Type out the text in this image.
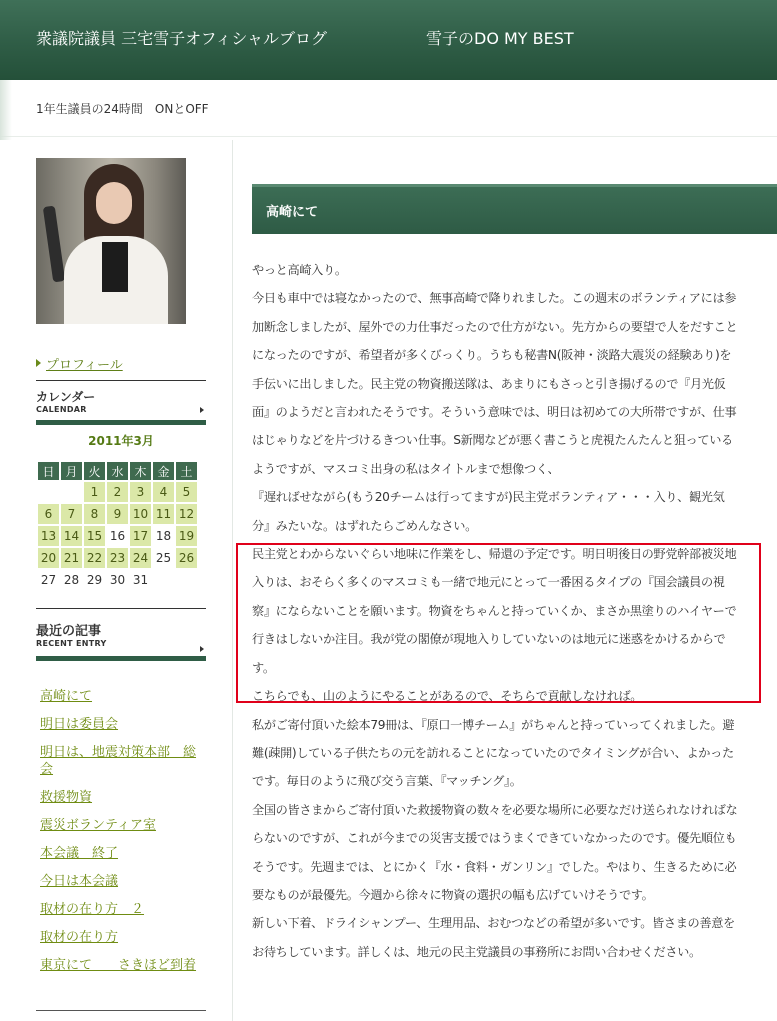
衆議院議員 三宅雪子オフィシャルブログ	雪子のDO MY BEST
1年生議員の24時間　ONとOFF
プロフィール
カレンダー
CALENDAR
2011年3月
日	月	火	水	木	金	土
		1	2	3	4	5
6	7	8	9	10	11	12
13	14	15	16	17	18	19
20	21	22	23	24	25	26
27	28	29	30	31		
最近の記事
RECENT ENTRY
高崎にて
明日は委員会
明日は、地震対策本部　総会
救援物資
震災ボランティア室
本会議　終了
今日は本会議
取材の在り方　２
取材の在り方
東京にて　　さきほど到着
高崎にて

やっと高崎入り。

今日も車中では寝なかったので、無事高崎で降りれました。この週末のボランティアには参加断念しましたが、屋外での力仕事だったので仕方がない。先方からの要望で人をだすことになったのですが、希望者が多くびっくり。うちも秘書N(阪神・淡路大震災の経験あり)を手伝いに出しました。民主党の物資搬送隊は、あまりにもさっと引き揚げるので『月光仮面』のようだと言われたそうです。そういう意味では、明日は初めての大所帯ですが、仕事はじゃりなどを片づけるきつい仕事。S新聞などが悪く書こうと虎視たんたんと狙っているようですが、マスコミ出身の私はタイトルまで想像つく、

『遅ればせながら(もう20チームは行ってますが)民主党ボランティア・・・入り、観光気分』みたいな。はずれたらごめんなさい。

民主党とわからないぐらい地味に作業をし、帰還の予定です。明日明後日の野党幹部被災地入りは、おそらく多くのマスコミも一緒で地元にとって一番困るタイプの『国会議員の視察』にならないことを願います。物資をちゃんと持っていくか、まさか黒塗りのハイヤーで行きはしないか注目。我が党の閣僚が現地入りしていないのは地元に迷惑をかけるからです。

こちらでも、山のようにやることがあるので、そちらで貢献しなければ。

私がご寄付頂いた絵本79冊は、『原口一博チーム』がちゃんと持っていってくれました。避難(疎開)している子供たちの元を訪れることになっていたのでタイミングが合い、よかったです。毎日のように飛び交う言葉、『マッチング』。

全国の皆さまからご寄付頂いた救援物資の数々を必要な場所に必要なだけ送られなければならないのですが、これが今までの災害支援ではうまくできていなかったのです。優先順位もそうです。先週までは、とにかく『水・食料・ガンリン』でした。やはり、生きるために必要なものが最優先。今週から徐々に物資の選択の幅も広げていけそうです。

新しい下着、ドライシャンプー、生理用品、おむつなどの希望が多いです。皆さまの善意をお待ちしています。詳しくは、地元の民主党議員の事務所にお問い合わせください。
